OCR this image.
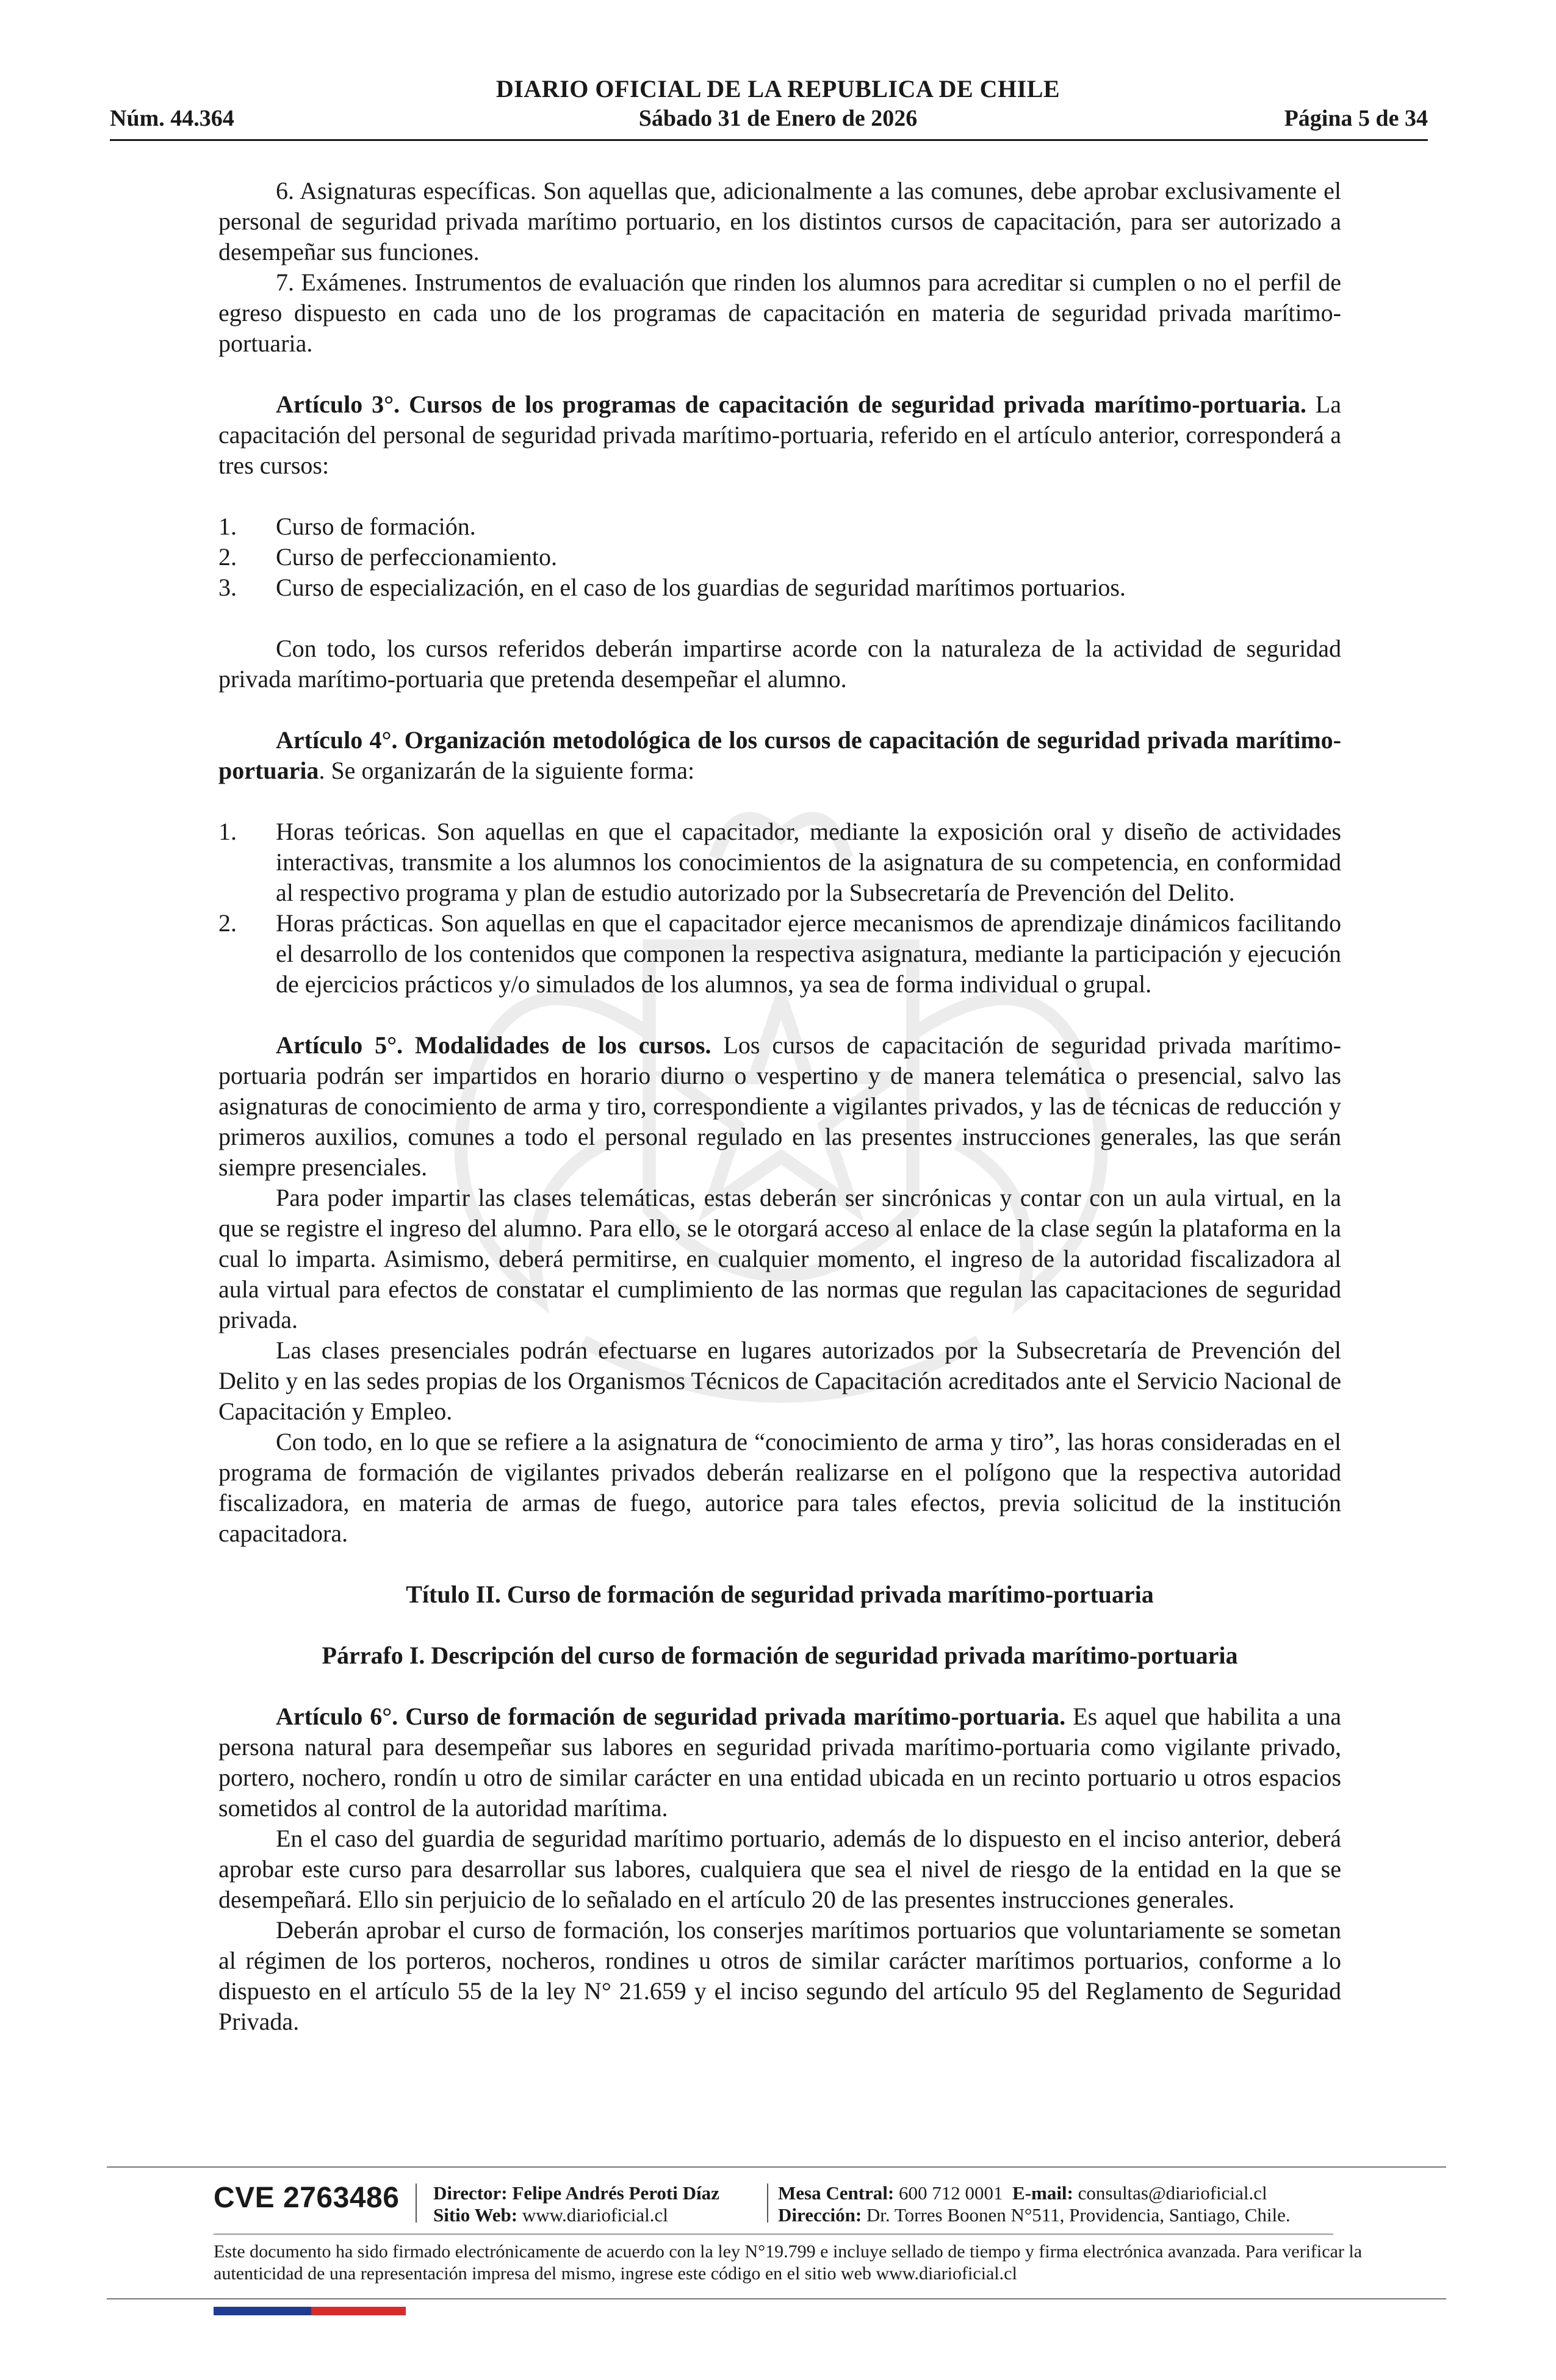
DIARIO OFICIAL DE LA REPUBLICA DE CHILE
Núm. 44.364	Sábado 31 de Enero de 2026	Página 5 de 34

6. Asignaturas específicas. Son aquellas que, adicionalmente a las comunes, debe aprobar exclusivamente el personal de seguridad privada marítimo portuario, en los distintos cursos de capacitación, para ser autorizado a desempeñar sus funciones.

7. Exámenes. Instrumentos de evaluación que rinden los alumnos para acreditar si cumplen o no el perfil de egreso dispuesto en cada uno de los programas de capacitación en materia de seguridad privada marítimo-portuaria.

Artículo 3°. Cursos de los programas de capacitación de seguridad privada marítimo-portuaria. La capacitación del personal de seguridad privada marítimo-portuaria, referido en el artículo anterior, corresponderá a tres cursos:

1. Curso de formación.
2. Curso de perfeccionamiento.
3. Curso de especialización, en el caso de los guardias de seguridad marítimos portuarios.

Con todo, los cursos referidos deberán impartirse acorde con la naturaleza de la actividad de seguridad privada marítimo-portuaria que pretenda desempeñar el alumno.

Artículo 4°. Organización metodológica de los cursos de capacitación de seguridad privada marítimo-portuaria. Se organizarán de la siguiente forma:

1. Horas teóricas. Son aquellas en que el capacitador, mediante la exposición oral y diseño de actividades interactivas, transmite a los alumnos los conocimientos de la asignatura de su competencia, en conformidad al respectivo programa y plan de estudio autorizado por la Subsecretaría de Prevención del Delito.
2. Horas prácticas. Son aquellas en que el capacitador ejerce mecanismos de aprendizaje dinámicos facilitando el desarrollo de los contenidos que componen la respectiva asignatura, mediante la participación y ejecución de ejercicios prácticos y/o simulados de los alumnos, ya sea de forma individual o grupal.

Artículo 5°. Modalidades de los cursos. Los cursos de capacitación de seguridad privada marítimo-portuaria podrán ser impartidos en horario diurno o vespertino y de manera telemática o presencial, salvo las asignaturas de conocimiento de arma y tiro, correspondiente a vigilantes privados, y las de técnicas de reducción y primeros auxilios, comunes a todo el personal regulado en las presentes instrucciones generales, las que serán siempre presenciales.

Para poder impartir las clases telemáticas, estas deberán ser sincrónicas y contar con un aula virtual, en la que se registre el ingreso del alumno. Para ello, se le otorgará acceso al enlace de la clase según la plataforma en la cual lo imparta. Asimismo, deberá permitirse, en cualquier momento, el ingreso de la autoridad fiscalizadora al aula virtual para efectos de constatar el cumplimiento de las normas que regulan las capacitaciones de seguridad privada.

Las clases presenciales podrán efectuarse en lugares autorizados por la Subsecretaría de Prevención del Delito y en las sedes propias de los Organismos Técnicos de Capacitación acreditados ante el Servicio Nacional de Capacitación y Empleo.

Con todo, en lo que se refiere a la asignatura de “conocimiento de arma y tiro”, las horas consideradas en el programa de formación de vigilantes privados deberán realizarse en el polígono que la respectiva autoridad fiscalizadora, en materia de armas de fuego, autorice para tales efectos, previa solicitud de la institución capacitadora.

Título II. Curso de formación de seguridad privada marítimo-portuaria

Párrafo I. Descripción del curso de formación de seguridad privada marítimo-portuaria

Artículo 6°. Curso de formación de seguridad privada marítimo-portuaria. Es aquel que habilita a una persona natural para desempeñar sus labores en seguridad privada marítimo-portuaria como vigilante privado, portero, nochero, rondín u otro de similar carácter en una entidad ubicada en un recinto portuario u otros espacios sometidos al control de la autoridad marítima.

En el caso del guardia de seguridad marítimo portuario, además de lo dispuesto en el inciso anterior, deberá aprobar este curso para desarrollar sus labores, cualquiera que sea el nivel de riesgo de la entidad en la que se desempeñará. Ello sin perjuicio de lo señalado en el artículo 20 de las presentes instrucciones generales.

Deberán aprobar el curso de formación, los conserjes marítimos portuarios que voluntariamente se sometan al régimen de los porteros, nocheros, rondines u otros de similar carácter marítimos portuarios, conforme a lo dispuesto en el artículo 55 de la ley N° 21.659 y el inciso segundo del artículo 95 del Reglamento de Seguridad Privada.

CVE 2763486 Director: Felipe Andrés Peroti Díaz
Sitio Web: www.diarioficial.cl
Mesa Central: 600 712 0001 E-mail: consultas@diarioficial.cl
Dirección: Dr. Torres Boonen N°511, Providencia, Santiago, Chile.
Este documento ha sido firmado electrónicamente de acuerdo con la ley N°19.799 e incluye sellado de tiempo y firma electrónica avanzada. Para verificar la autenticidad de una representación impresa del mismo, ingrese este código en el sitio web www.diarioficial.cl
